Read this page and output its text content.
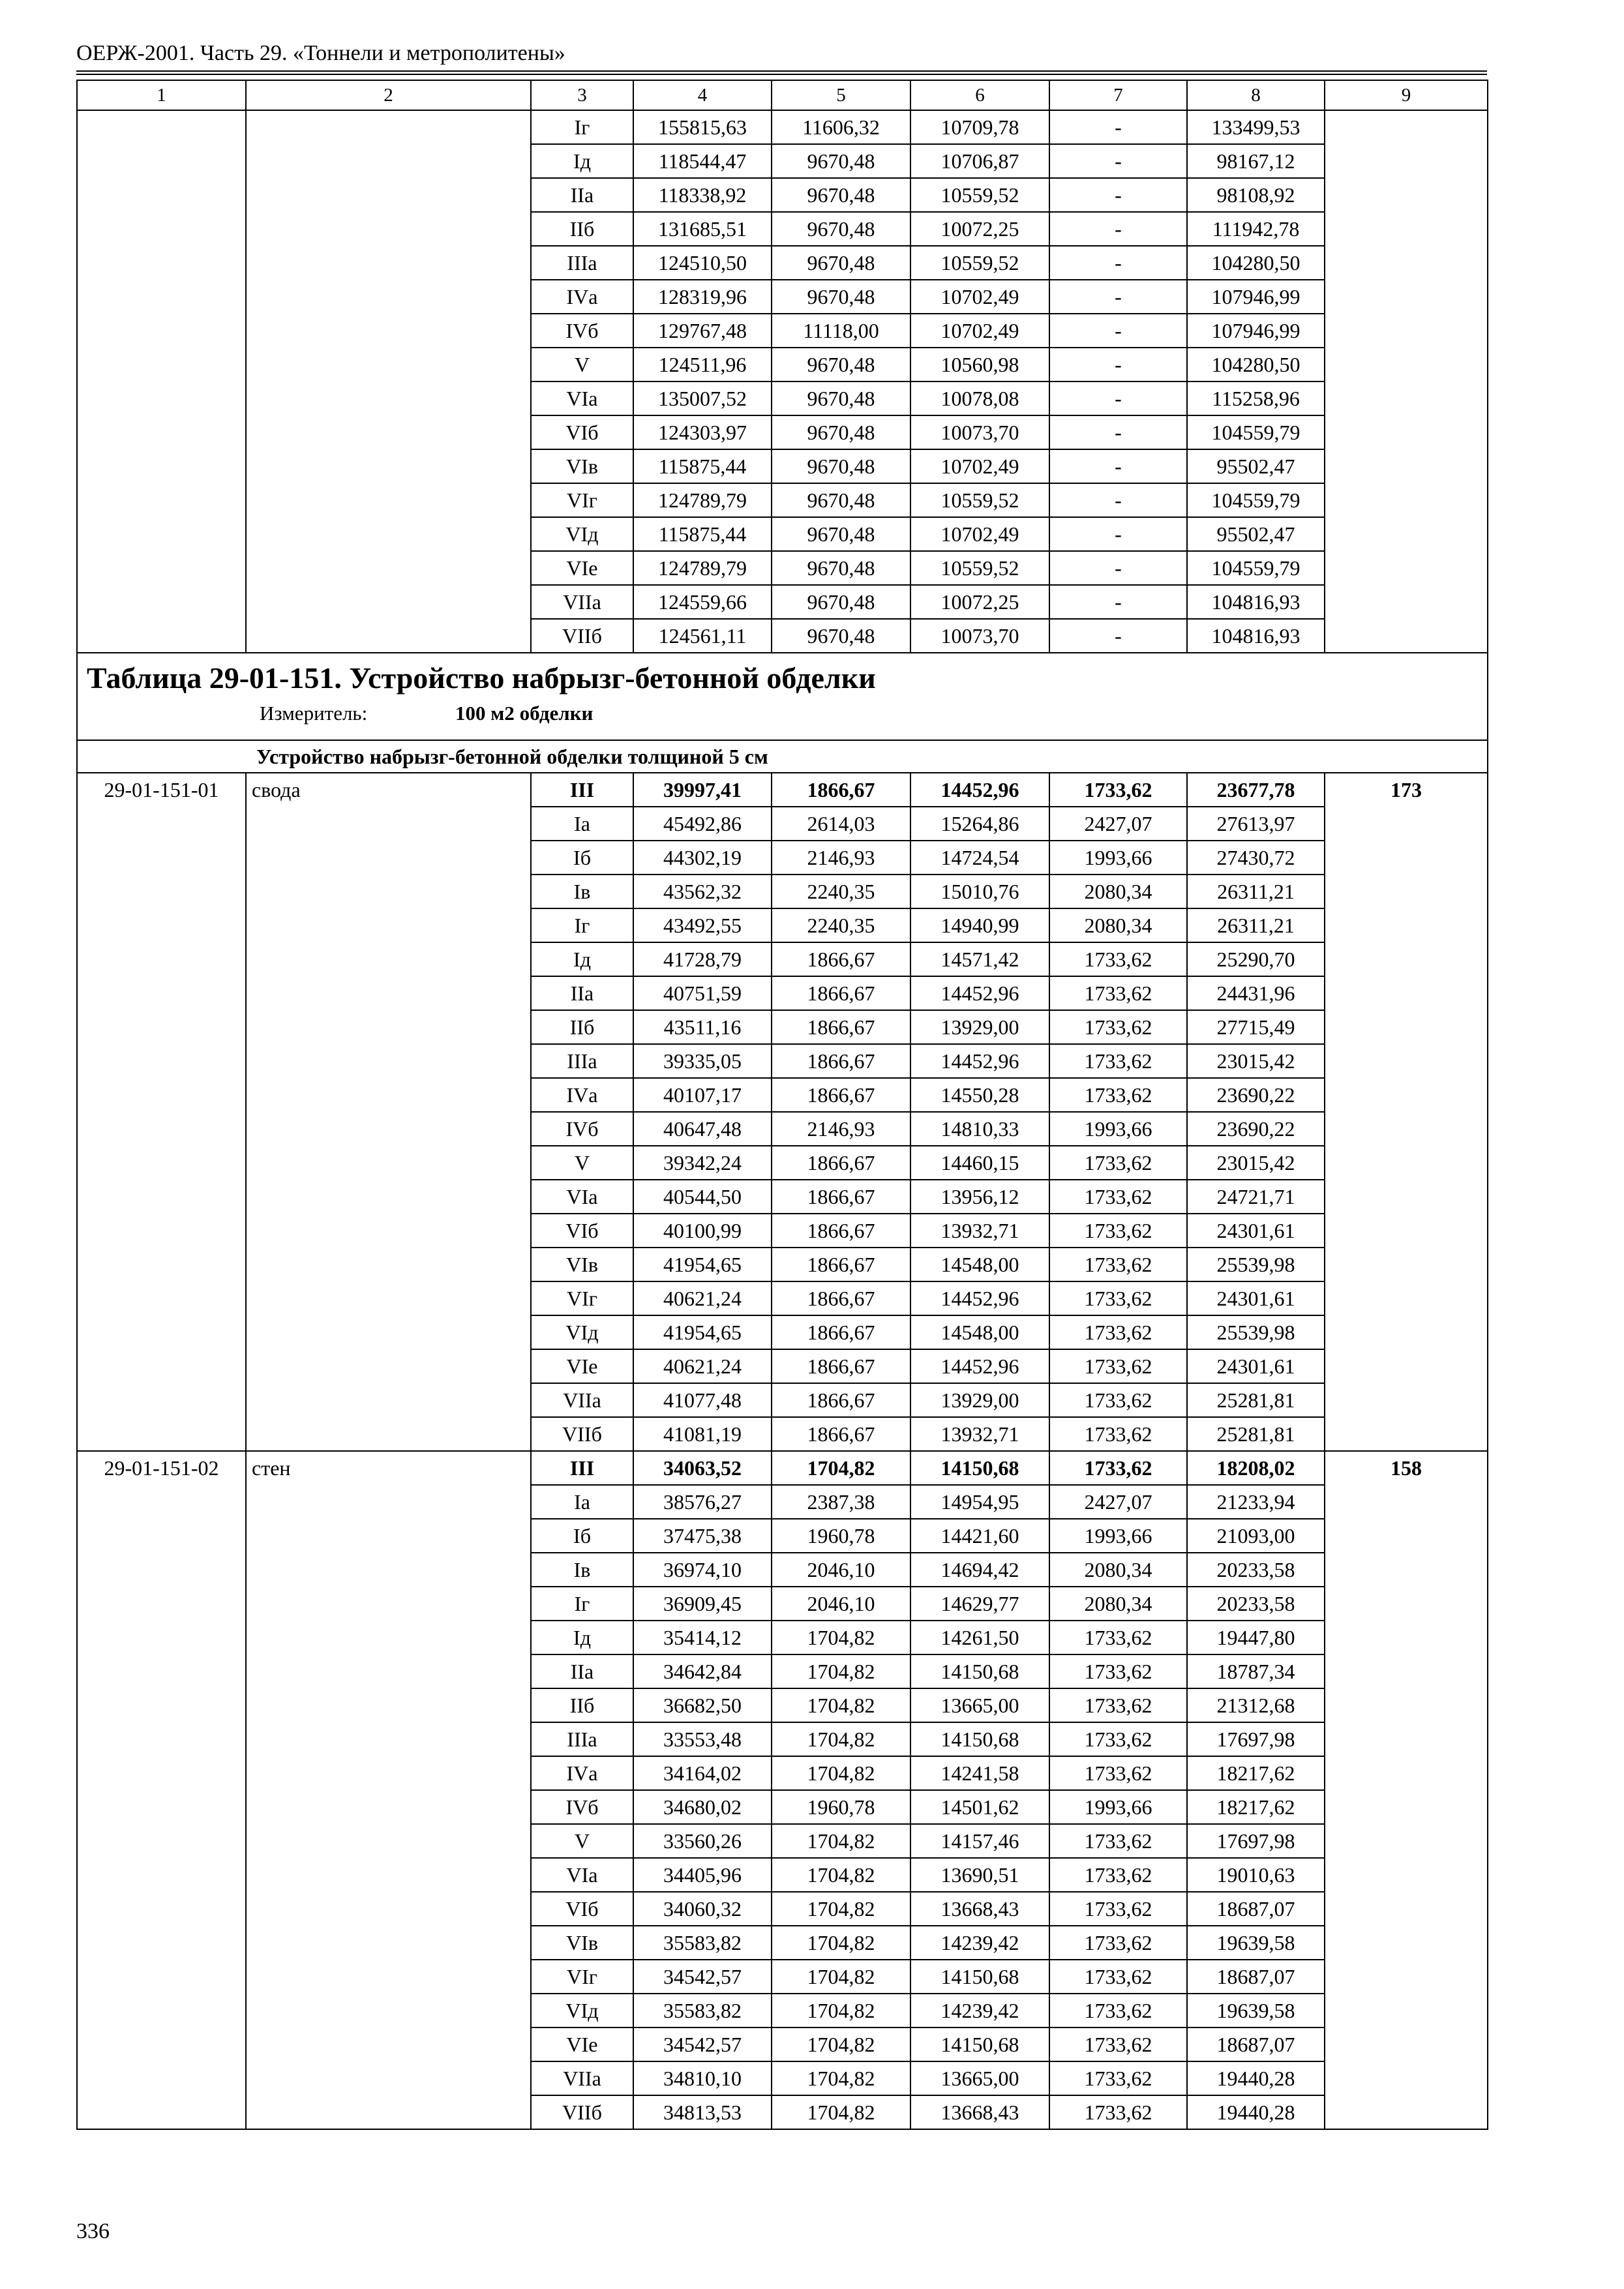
ОЕРЖ-2001. Часть 29. «Тоннели и метрополитены»
1	2	3	4	5	6	7	8	9
		Iг	155815,63	11606,32	10709,78	-	133499,53	
		Iд	118544,47	9670,48	10706,87	-	98167,12	
		IIа	118338,92	9670,48	10559,52	-	98108,92	
		IIб	131685,51	9670,48	10072,25	-	111942,78	
		IIIа	124510,50	9670,48	10559,52	-	104280,50	
		IVа	128319,96	9670,48	10702,49	-	107946,99	
		IVб	129767,48	11118,00	10702,49	-	107946,99	
		V	124511,96	9670,48	10560,98	-	104280,50	
		VIа	135007,52	9670,48	10078,08	-	115258,96	
		VIб	124303,97	9670,48	10073,70	-	104559,79	
		VIв	115875,44	9670,48	10702,49	-	95502,47	
		VIг	124789,79	9670,48	10559,52	-	104559,79	
		VIд	115875,44	9670,48	10702,49	-	95502,47	
		VIе	124789,79	9670,48	10559,52	-	104559,79	
		VIIа	124559,66	9670,48	10072,25	-	104816,93	
		VIIб	124561,11	9670,48	10073,70	-	104816,93	

Таблица 29-01-151. Устройство набрызг-бетонной обделки
Измеритель: 100 м2 обделки								

Устройство набрызг-бетонной обделки толщиной 5 см								
29-01-151-01	свода	III	39997,41	1866,67	14452,96	1733,62	23677,78	173
		Iа	45492,86	2614,03	15264,86	2427,07	27613,97	
		Iб	44302,19	2146,93	14724,54	1993,66	27430,72	
		Iв	43562,32	2240,35	15010,76	2080,34	26311,21	
		Iг	43492,55	2240,35	14940,99	2080,34	26311,21	
		Iд	41728,79	1866,67	14571,42	1733,62	25290,70	
		IIа	40751,59	1866,67	14452,96	1733,62	24431,96	
		IIб	43511,16	1866,67	13929,00	1733,62	27715,49	
		IIIа	39335,05	1866,67	14452,96	1733,62	23015,42	
		IVа	40107,17	1866,67	14550,28	1733,62	23690,22	
		IVб	40647,48	2146,93	14810,33	1993,66	23690,22	
		V	39342,24	1866,67	14460,15	1733,62	23015,42	
		VIа	40544,50	1866,67	13956,12	1733,62	24721,71	
		VIб	40100,99	1866,67	13932,71	1733,62	24301,61	
		VIв	41954,65	1866,67	14548,00	1733,62	25539,98	
		VIг	40621,24	1866,67	14452,96	1733,62	24301,61	
		VIд	41954,65	1866,67	14548,00	1733,62	25539,98	
		VIе	40621,24	1866,67	14452,96	1733,62	24301,61	
		VIIа	41077,48	1866,67	13929,00	1733,62	25281,81	
		VIIб	41081,19	1866,67	13932,71	1733,62	25281,81	
29-01-151-02	стен	III	34063,52	1704,82	14150,68	1733,62	18208,02	158
		Iа	38576,27	2387,38	14954,95	2427,07	21233,94	
		Iб	37475,38	1960,78	14421,60	1993,66	21093,00	
		Iв	36974,10	2046,10	14694,42	2080,34	20233,58	
		Iг	36909,45	2046,10	14629,77	2080,34	20233,58	
		Iд	35414,12	1704,82	14261,50	1733,62	19447,80	
		IIа	34642,84	1704,82	14150,68	1733,62	18787,34	
		IIб	36682,50	1704,82	13665,00	1733,62	21312,68	
		IIIа	33553,48	1704,82	14150,68	1733,62	17697,98	
		IVа	34164,02	1704,82	14241,58	1733,62	18217,62	
		IVб	34680,02	1960,78	14501,62	1993,66	18217,62	
		V	33560,26	1704,82	14157,46	1733,62	17697,98	
		VIа	34405,96	1704,82	13690,51	1733,62	19010,63	
		VIб	34060,32	1704,82	13668,43	1733,62	18687,07	
		VIв	35583,82	1704,82	14239,42	1733,62	19639,58	
		VIг	34542,57	1704,82	14150,68	1733,62	18687,07	
		VIд	35583,82	1704,82	14239,42	1733,62	19639,58	
		VIе	34542,57	1704,82	14150,68	1733,62	18687,07	
		VIIа	34810,10	1704,82	13665,00	1733,62	19440,28	
		VIIб	34813,53	1704,82	13668,43	1733,62	19440,28	
336
